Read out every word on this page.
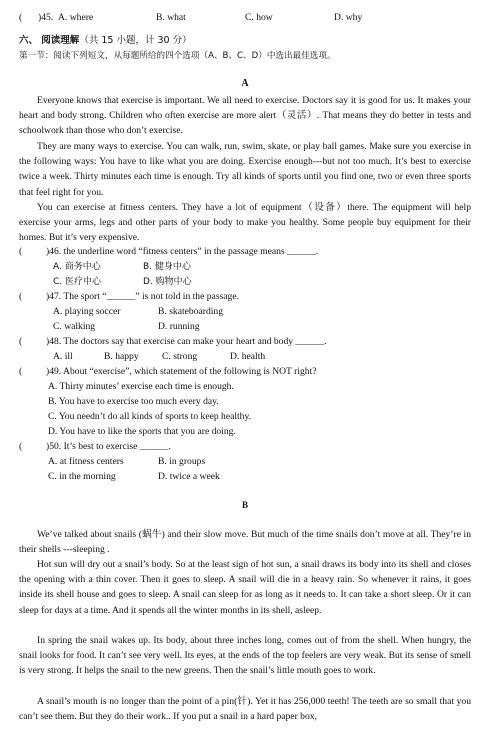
( )45. A. where	B. what	C. how	D. why
六、 阅读理解（共 15 小题，计 30 分）
第一节：阅读下列短文，从每题所给的四个选项（A、B、C、D）中选出最佳选项。
A
Everyone knows that exercise is important. We all need to exercise. Doctors say it is good for us. It makes your heart and body strong. Children who often exercise are more alert（灵活）. That means they do better in tests and schoolwork than those who don’t exercise.
They are many ways to exercise. You can walk, run, swim, skate, or play ball games. Make sure you exercise in the following ways: You have to like what you are doing. Exercise enough---but not too much. It’s best to exercise twice a week. Thirty minutes each time is enough. Try all kinds of sports until you find one, two or even three sports that feel right for you.
You can exercise at fitness centers. They have a lot of equipment（设备）there. The equipment will help exercise your arms, legs and other parts of your body to make you healthy. Some people buy equipment for their homes. But it’s very expensive.
( )46. the underline word “fitness centers” in the passage means ______.
A. 商务中心	B. 健身中心
C. 医疗中心	D. 购物中心
( )47. The sport “______” is not told in the passage.
A. playing soccer	B. skateboarding
C. walking	D. running
( )48. The doctors say that exercise can make your heart and body ______.
A. ill	B. happy C. strong	D. health
( )49. About “exercise”, which statement of the following is NOT right?
A. Thirty minutes’ exercise each time is enough.
B. You have to exercise too much every day.
C. You needn’t do all kinds of sports to keep healthy.
D. You have to like the sports that you are doing.
( )50. It’s best to exercise ______.
A. at fitness centers	B. in groups
C. in the morning	D. twice a week
B
We’ve talked about snails (蜗牛) and their slow move. But much of the time snails don’t move at all. They’re in their shells ---sleeping .
Hot sun will dry out a snail’s body. So at the least sign of hot sun, a snail draws its body into its shell and closes the opening with a thin cover. Then it goes to sleep. A snail will die in a heavy rain. So whenever it rains, it goes inside its shell house and goes to sleep. A snail can sleep for as long as it needs to. It can take a short sleep. Or it can sleep for days at a time. And it spends all the winter months in its shell, asleep.
In spring the snail wakes up. Its body, about three inches long, comes out of from the shell. When hungry, the snail looks for food. It can’t see very well. Its eyes, at the ends of the top feelers are very weak. But its sense of smell is very strong. It helps the snail to the new greens. Then the snail’s little mouth goes to work.
A snail’s mouth is no longer than the point of a pin(针). Yet it has 256,000 teeth! The teeth are so small that you can’t see them. But they do their work.. If you put a snail in a hard paper box,
